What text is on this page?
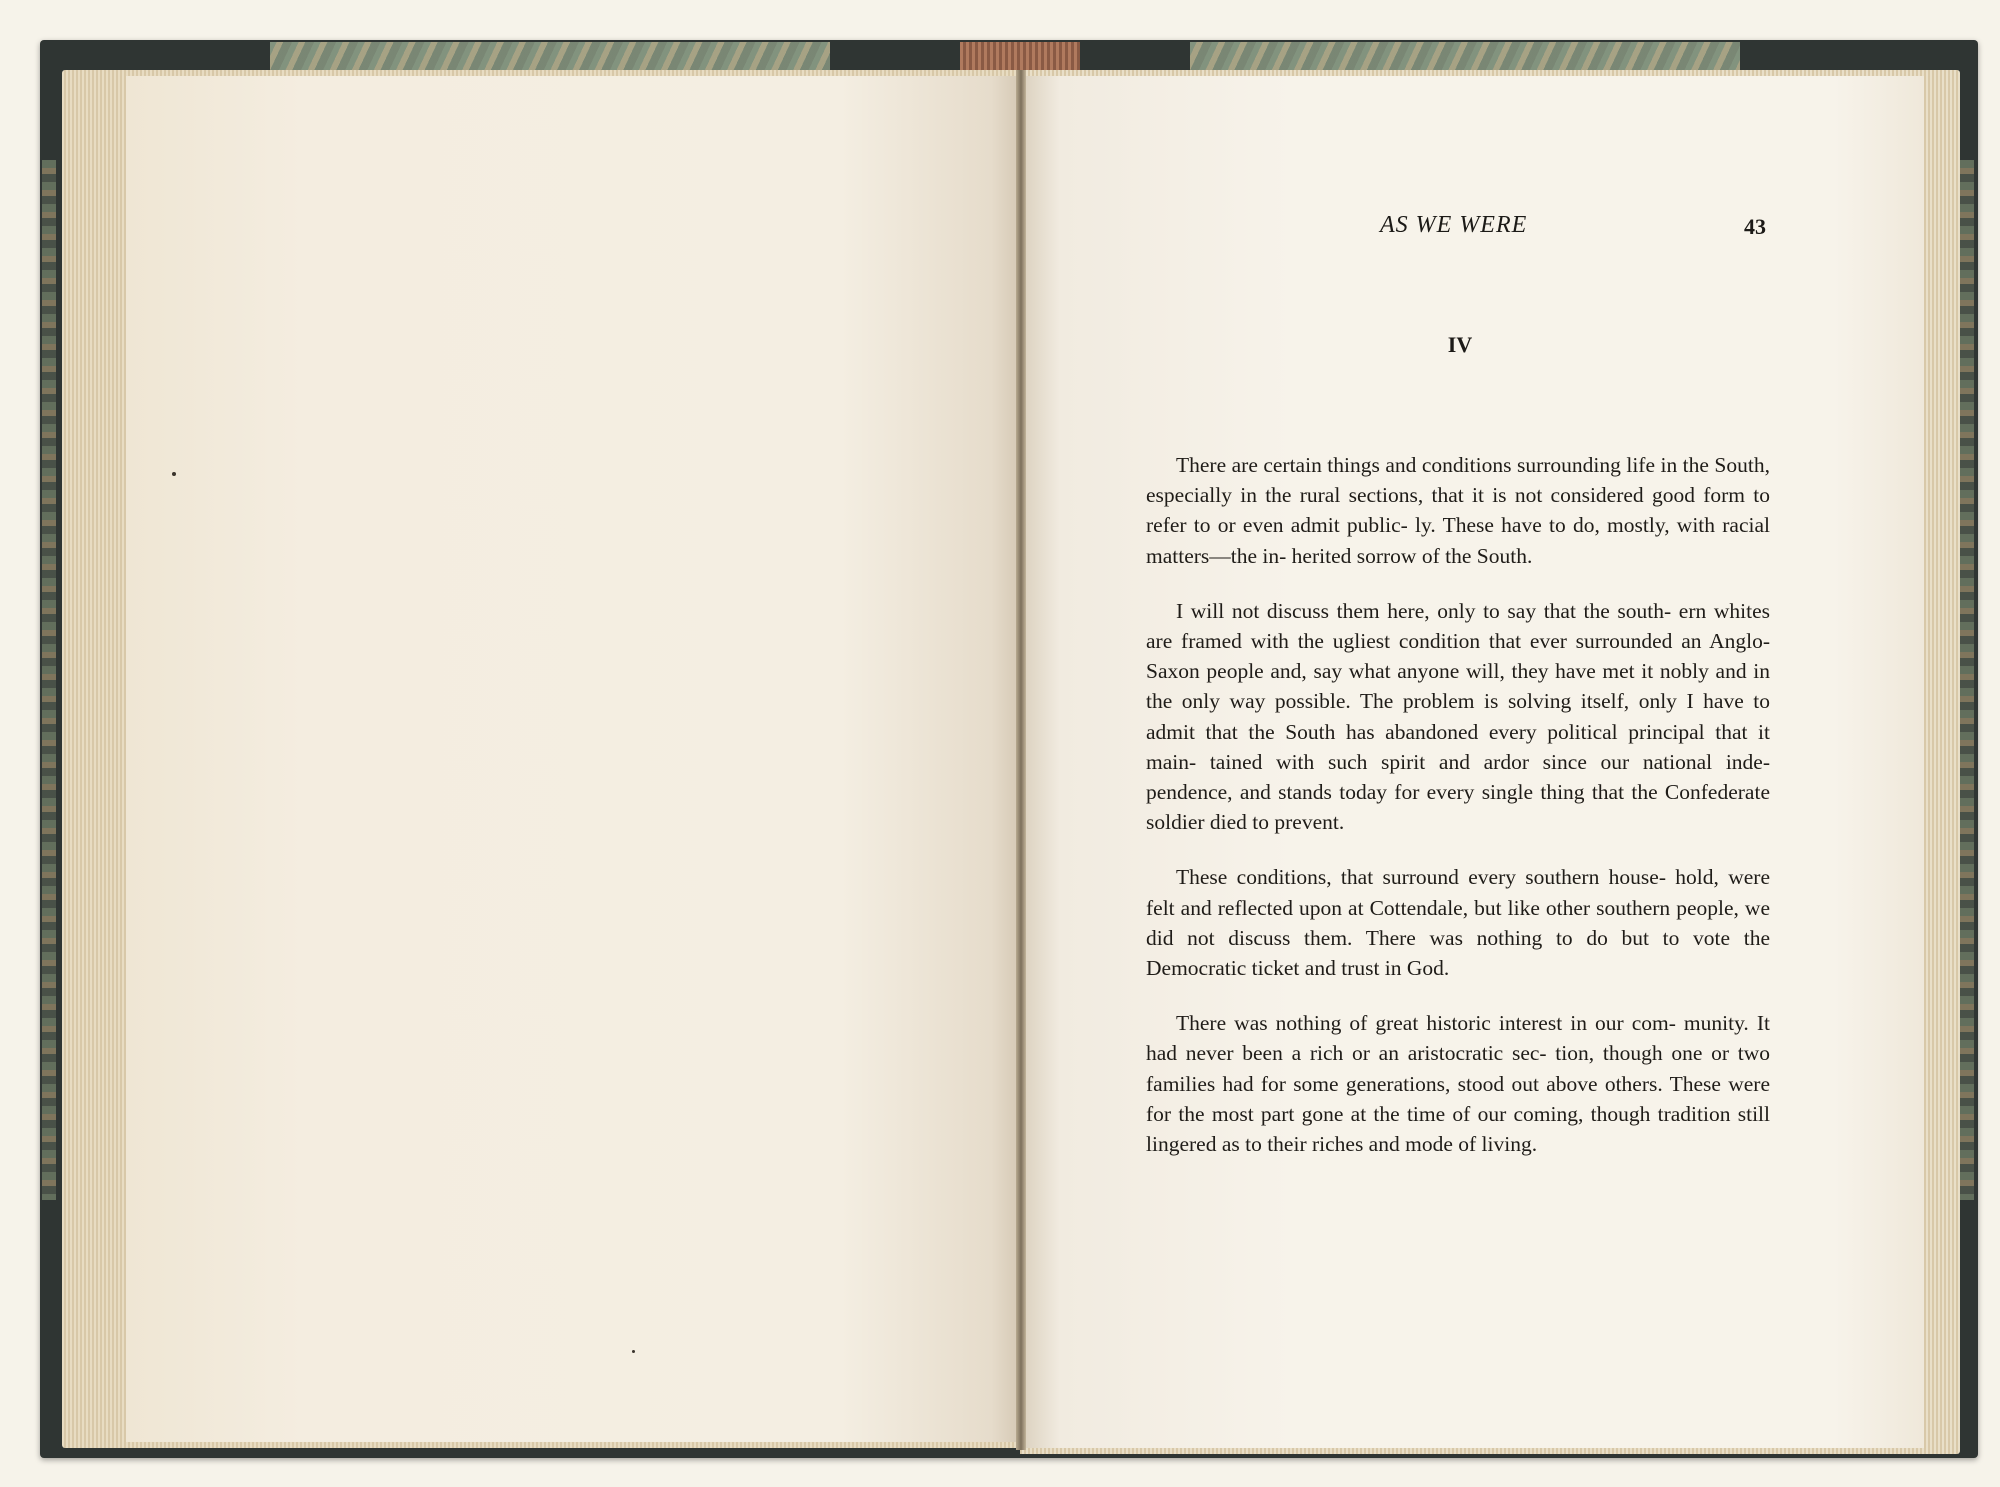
AS WE WERE	43
IV

There are certain things and conditions surrounding life in the South, especially in the rural sections, that it is not considered good form to refer to or even admit public- ly. These have to do, mostly, with racial matters—the in- herited sorrow of the South.

I will not discuss them here, only to say that the south- ern whites are framed with the ugliest condition that ever surrounded an Anglo-Saxon people and, say what anyone will, they have met it nobly and in the only way possible. The problem is solving itself, only I have to admit that the South has abandoned every political principal that it main- tained with such spirit and ardor since our national inde- pendence, and stands today for every single thing that the Confederate soldier died to prevent.

These conditions, that surround every southern house- hold, were felt and reflected upon at Cottendale, but like other southern people, we did not discuss them. There was nothing to do but to vote the Democratic ticket and trust in God.

There was nothing of great historic interest in our com- munity. It had never been a rich or an aristocratic sec- tion, though one or two families had for some generations, stood out above others. These were for the most part gone at the time of our coming, though tradition still lingered as to their riches and mode of living.
